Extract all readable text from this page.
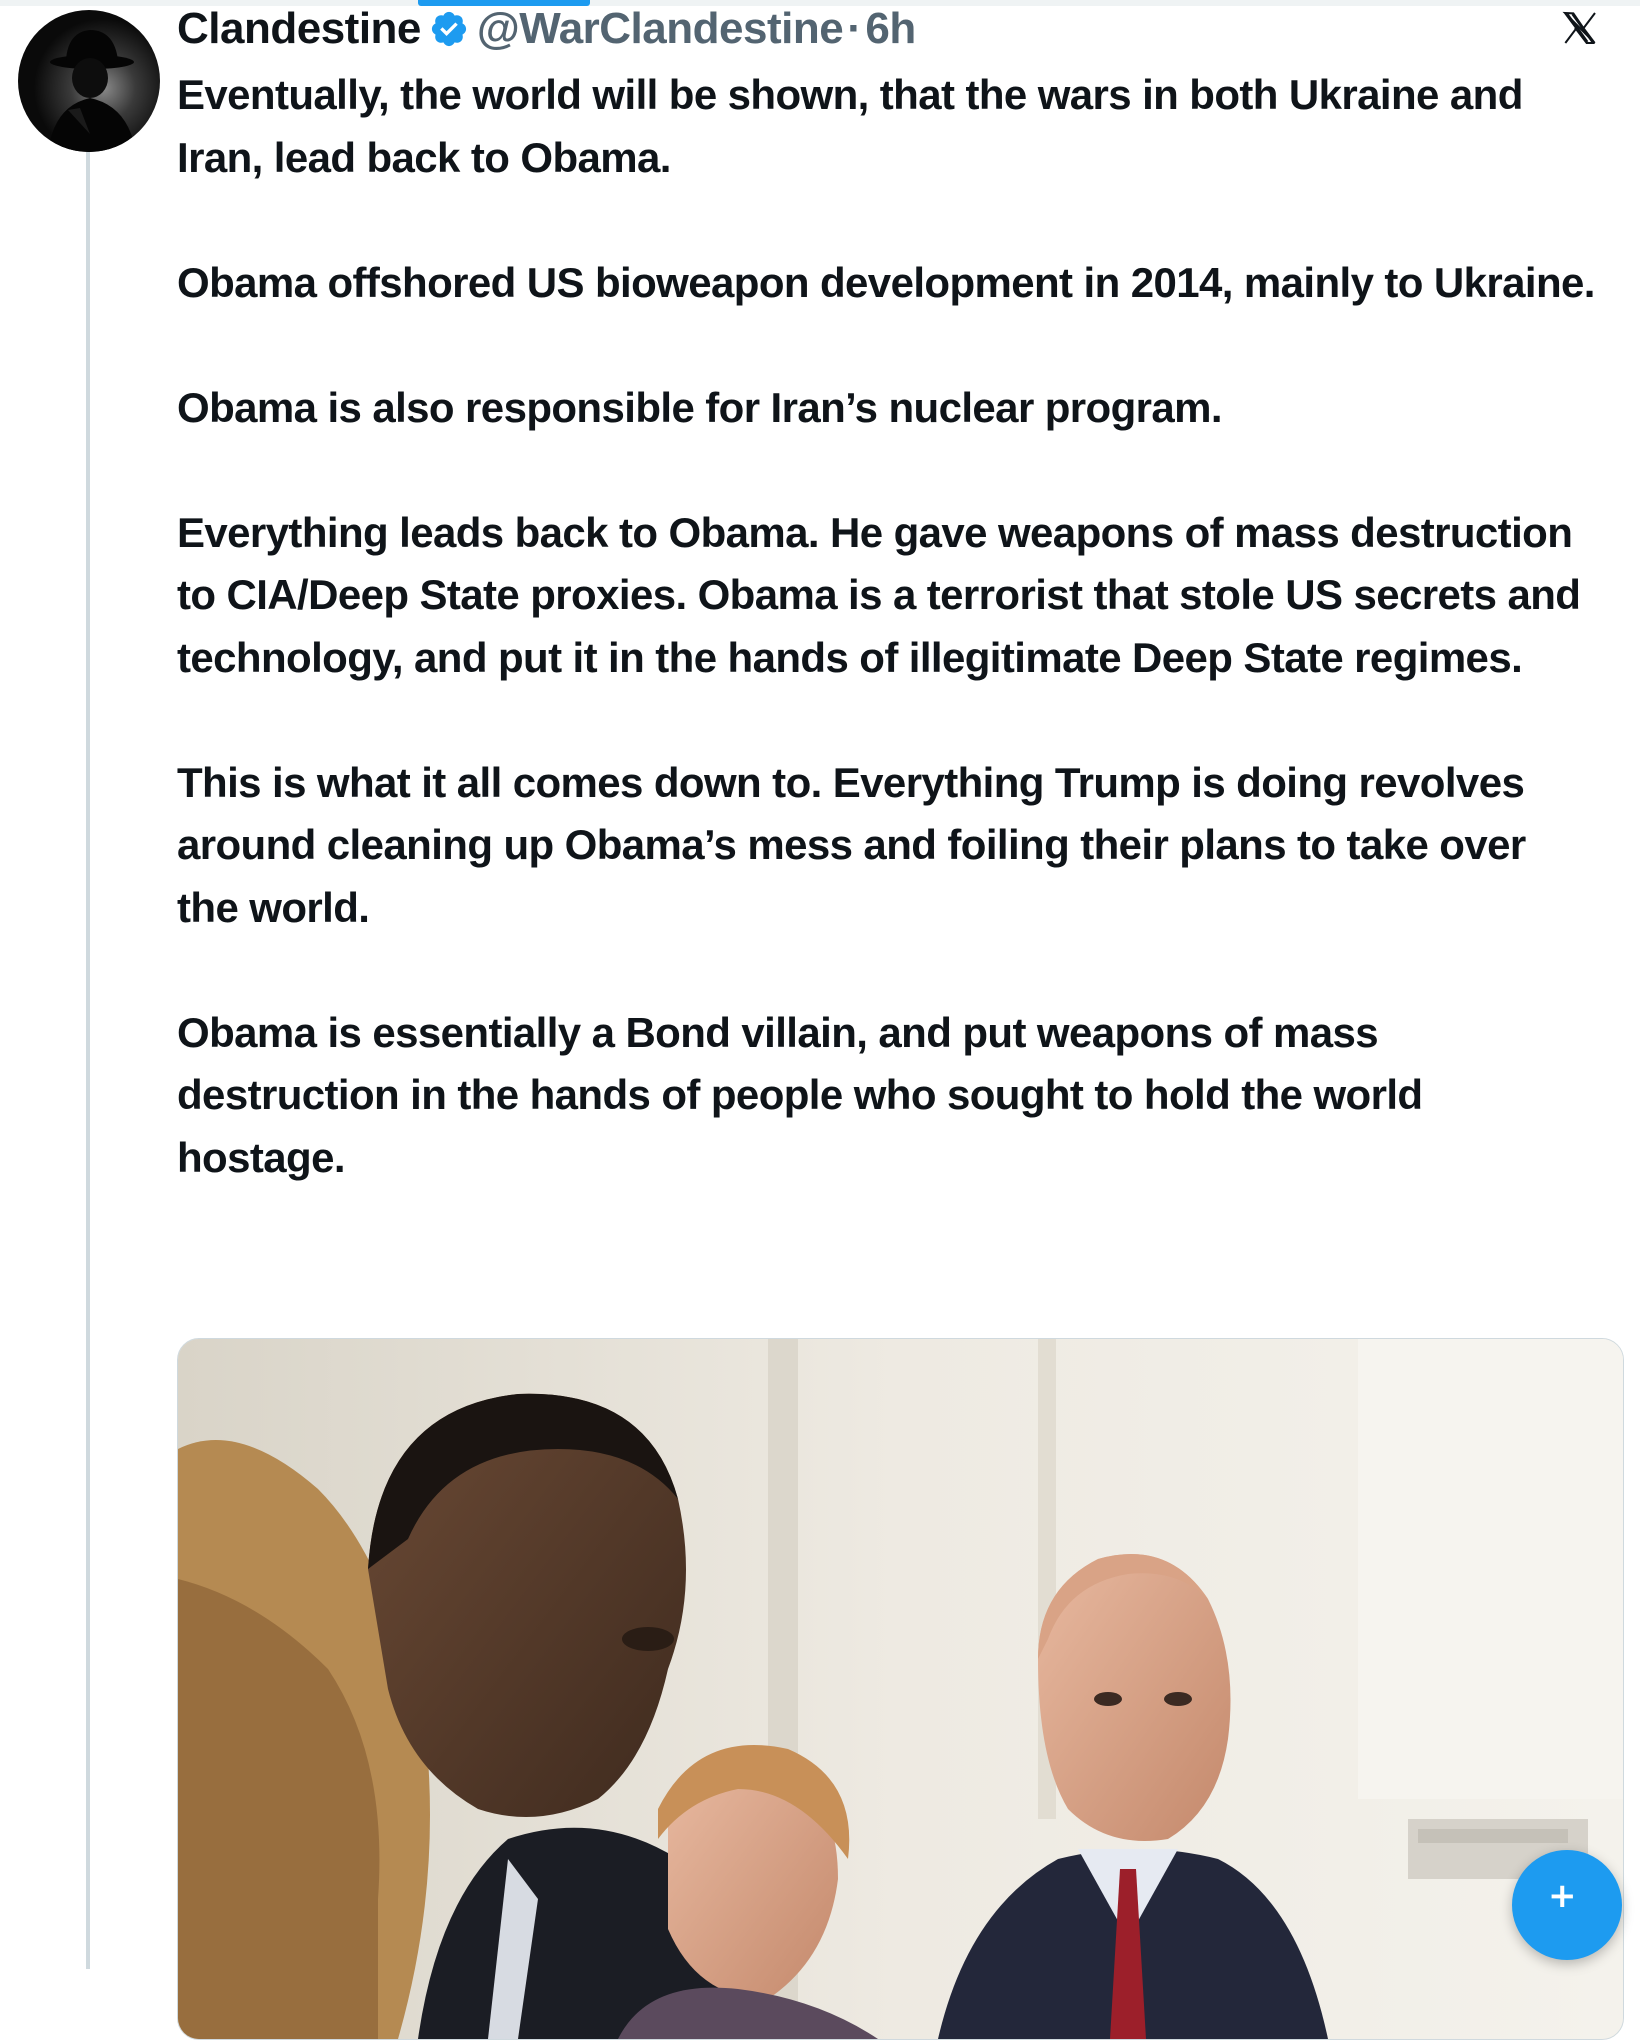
Clandestine @WarClandestine · 6h

Eventually, the world will be shown, that the wars in both Ukraine and Iran, lead back to Obama.

Obama offshored US bioweapon development in 2014, mainly to Ukraine.

Obama is also responsible for Iran’s nuclear program.

Everything leads back to Obama. He gave weapons of mass destruction to CIA/Deep State proxies. Obama is a terrorist that stole US secrets and technology, and put it in the hands of illegitimate Deep State regimes.

This is what it all comes down to. Everything Trump is doing revolves around cleaning up Obama’s mess and foiling their plans to take over the world.

Obama is essentially a Bond villain, and put weapons of mass destruction in the hands of people who sought to hold the world hostage.

+
